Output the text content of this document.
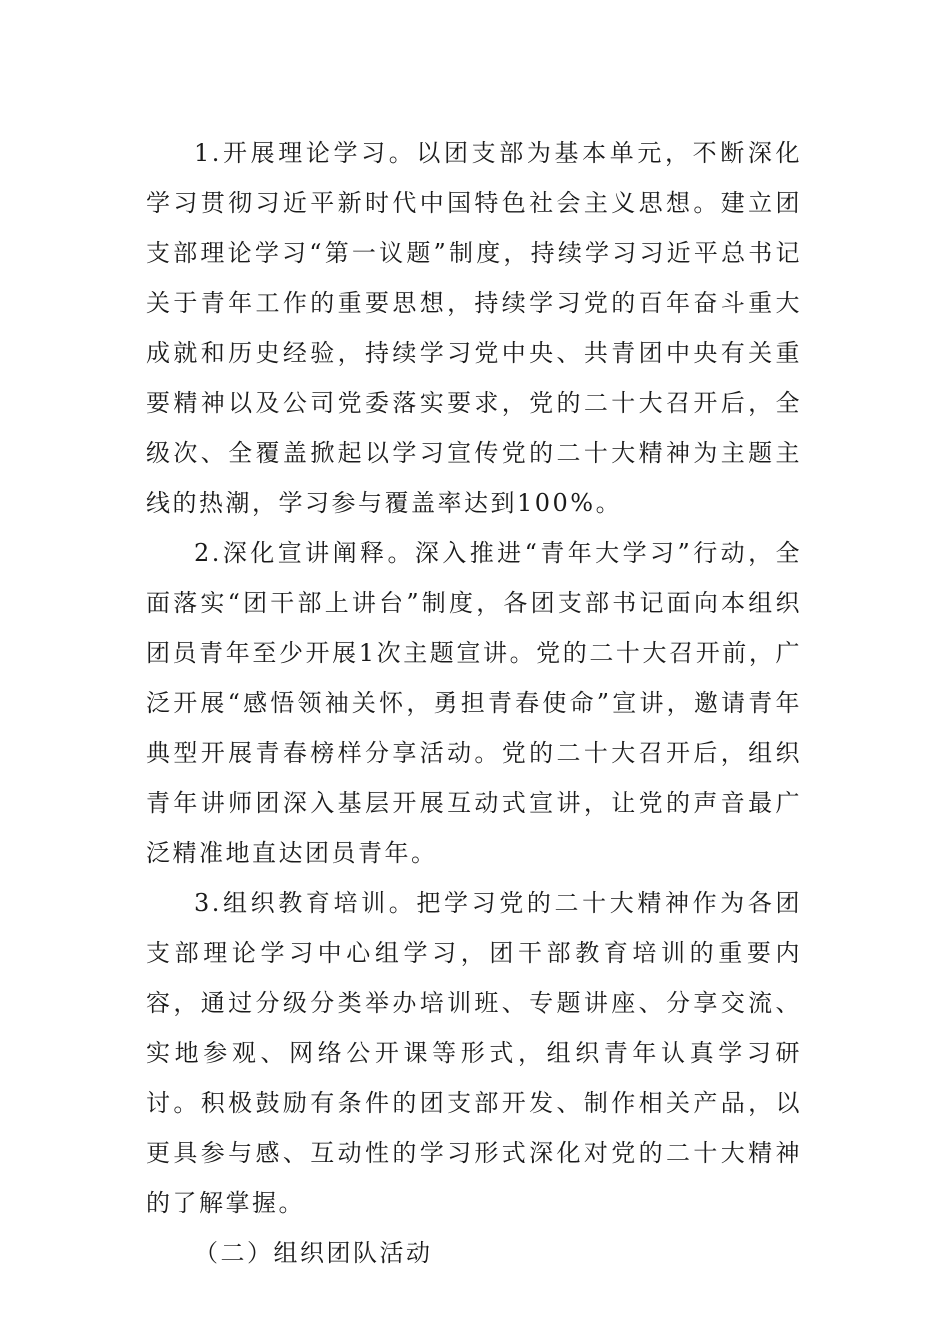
1.开展理论学习。以团支部为基本单元，不断深化学习贯彻习近平新时代中国特色社会主义思想。建立团支部理论学习“第一议题”制度，持续学习习近平总书记关于青年工作的重要思想，持续学习党的百年奋斗重大成就和历史经验，持续学习党中央、共青团中央有关重要精神以及公司党委落实要求，党的二十大召开后，全级次、全覆盖掀起以学习宣传党的二十大精神为主题主线的热潮，学习参与覆盖率达到100%。

2.深化宣讲阐释。深入推进“青年大学习”行动，全面落实“团干部上讲台”制度，各团支部书记面向本组织团员青年至少开展1次主题宣讲。党的二十大召开前，广泛开展“感悟领袖关怀，勇担青春使命”宣讲，邀请青年典型开展青春榜样分享活动。党的二十大召开后，组织青年讲师团深入基层开展互动式宣讲，让党的声音最广泛精准地直达团员青年。

3.组织教育培训。把学习党的二十大精神作为各团支部理论学习中心组学习，团干部教育培训的重要内容，通过分级分类举办培训班、专题讲座、分享交流、实地参观、网络公开课等形式，组织青年认真学习研讨。积极鼓励有条件的团支部开发、制作相关产品，以更具参与感、互动性的学习形式深化对党的二十大精神的了解掌握。

（二）组织团队活动
